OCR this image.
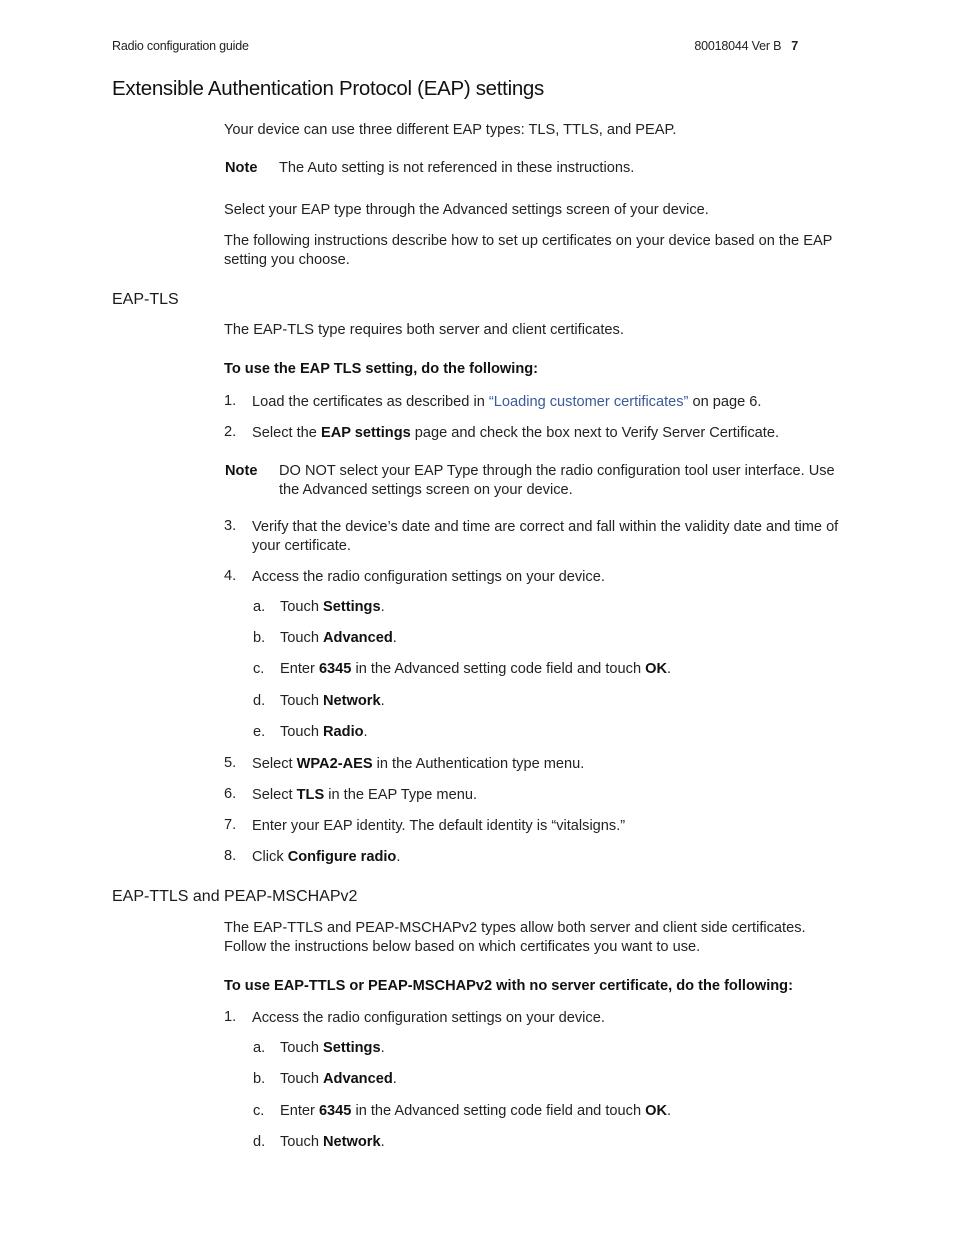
Radio configuration guide	80018044 Ver B 7
Extensible Authentication Protocol (EAP) settings

Your device can use three different EAP types: TLS, TTLS, and PEAP.

Note The Auto setting is not referenced in these instructions.

Select your EAP type through the Advanced settings screen of your device.

The following instructions describe how to set up certificates on your device based on the EAP setting you choose.

EAP-TLS

The EAP-TLS type requires both server and client certificates.

To use the EAP TLS setting, do the following:
1. Load the certificates as described in “Loading customer certificates” on page 6.

2. Select the EAP settings page and check the box next to Verify Server Certificate.

Note DO NOT select your EAP Type through the radio configuration tool user interface. Use the Advanced settings screen on your device.

3. Verify that the device’s date and time are correct and fall within the validity date and time of your certificate.

4. Access the radio configuration settings on your device.

a. Touch Settings.

b. Touch Advanced.

c. Enter 6345 in the Advanced setting code field and touch OK.

d. Touch Network.

e. Touch Radio.

5. Select WPA2-AES in the Authentication type menu.

6. Select TLS in the EAP Type menu.

7. Enter your EAP identity. The default identity is “vitalsigns.”

8. Click Configure radio.

EAP-TTLS and PEAP-MSCHAPv2

The EAP-TTLS and PEAP-MSCHAPv2 types allow both server and client side certificates. Follow the instructions below based on which certificates you want to use.

To use EAP-TTLS or PEAP-MSCHAPv2 with no server certificate, do the following:
1. Access the radio configuration settings on your device.

a. Touch Settings.

b. Touch Advanced.

c. Enter 6345 in the Advanced setting code field and touch OK.

d. Touch Network.
